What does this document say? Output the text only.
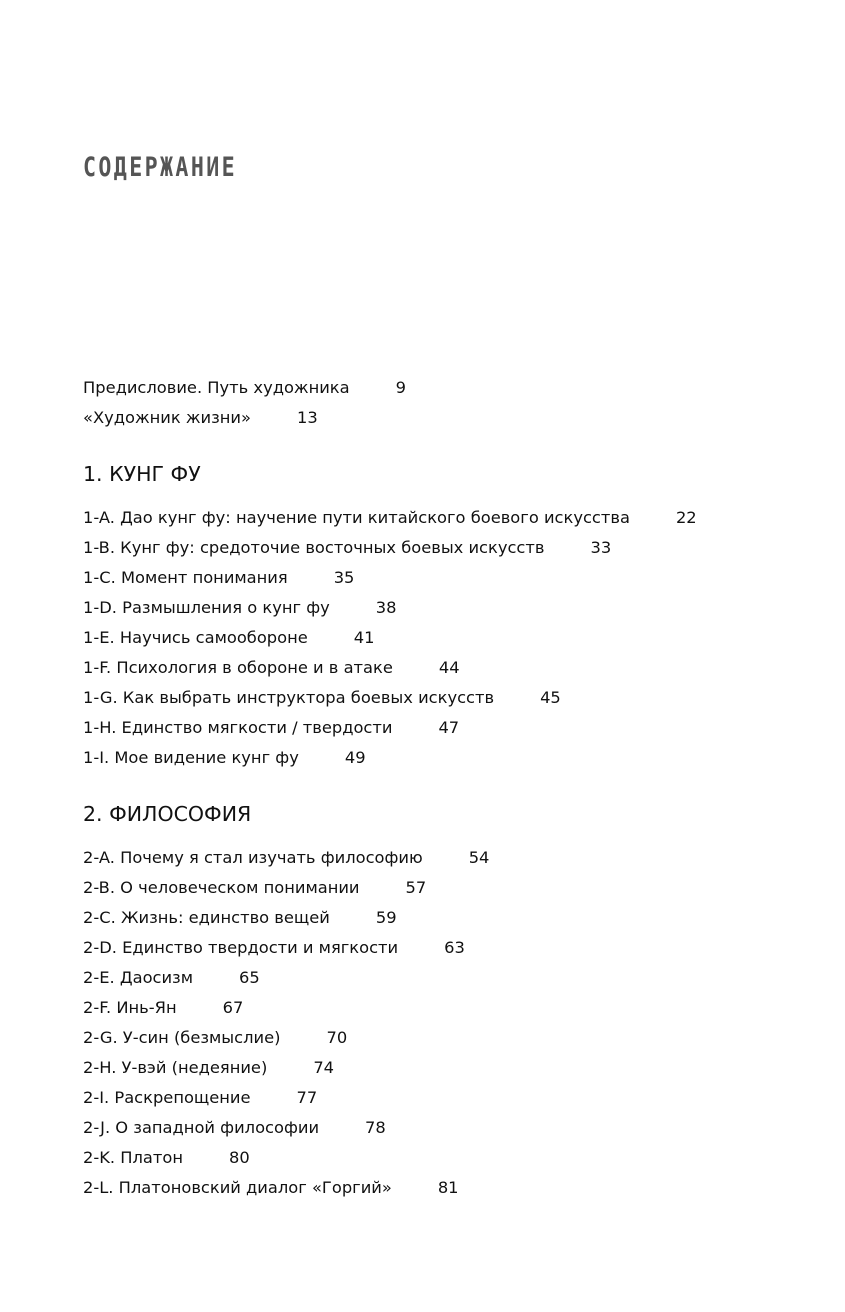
СОДЕРЖАНИЕ
Предисловие. Путь художника	9
«Художник жизни»	13
1. КУНГ ФУ
1-A. Дао кунг фу: научение пути китайского боевого искусства	22
1-B. Кунг фу: средоточие восточных боевых искусств	33
1-C. Момент понимания	35
1-D. Размышления о кунг фу	38
1-E. Научись самообороне	41
1-F. Психология в обороне и в атаке	44
1-G. Как выбрать инструктора боевых искусств	45
1-H. Единство мягкости / твердости	47
1-I. Мое видение кунг фу	49
2. ФИЛОСОФИЯ
2-A. Почему я стал изучать философию	54
2-B. О человеческом понимании	57
2-C. Жизнь: единство вещей	59
2-D. Единство твердости и мягкости	63
2-E. Даосизм	65
2-F. Инь-Ян	67
2-G. У-син (безмыслие)	70
2-H. У-вэй (недеяние)	74
2-I. Раскрепощение	77
2-J. О западной философии	78
2-K. Платон	80
2-L. Платоновский диалог «Горгий»	81
